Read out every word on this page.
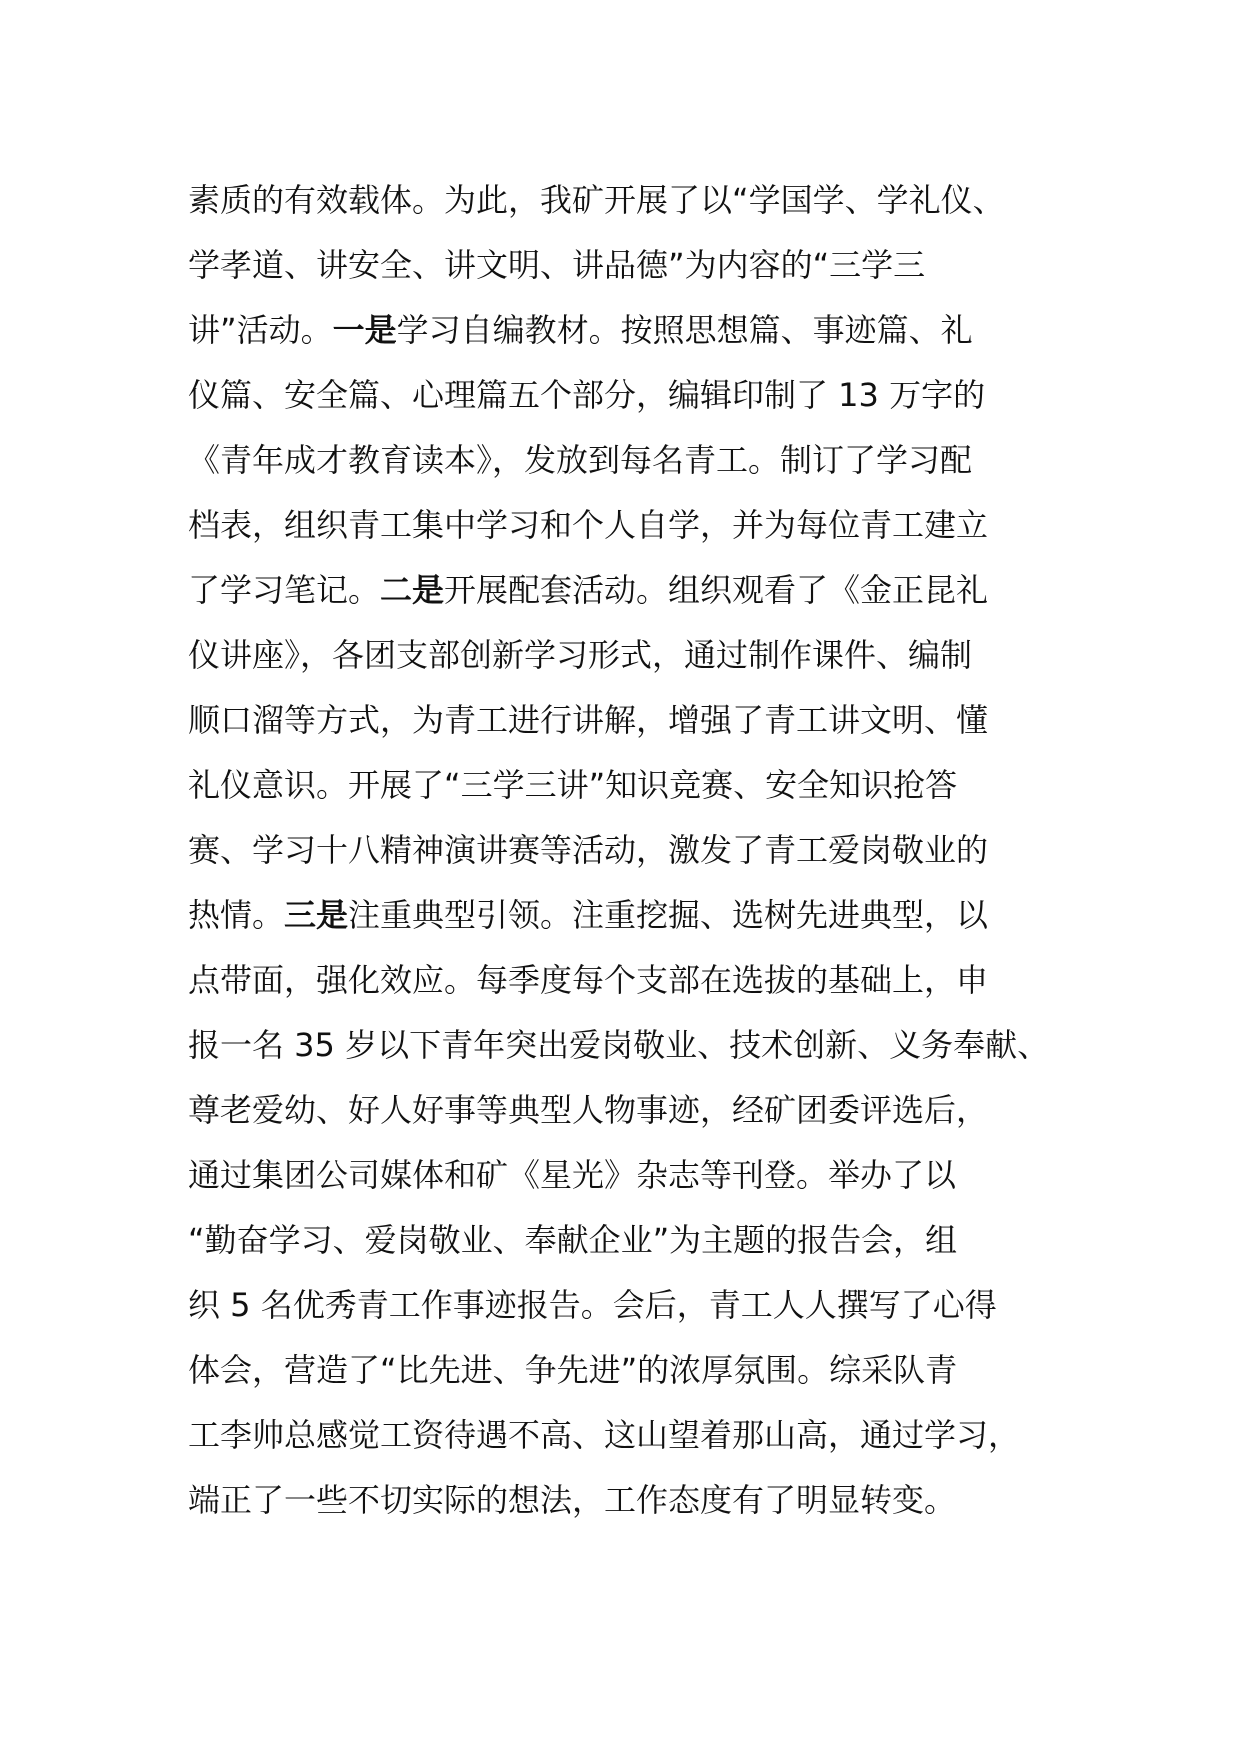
素质的有效载体。为此，我矿开展了以“学国学、学礼仪、
学孝道、讲安全、讲文明、讲品德”为内容的“三学三
讲”活动。一是学习自编教材。按照思想篇、事迹篇、礼
仪篇、安全篇、心理篇五个部分，编辑印制了 13 万字的
《青年成才教育读本》，发放到每名青工。制订了学习配
档表，组织青工集中学习和个人自学，并为每位青工建立
了学习笔记。二是开展配套活动。组织观看了《金正昆礼
仪讲座》，各团支部创新学习形式，通过制作课件、编制
顺口溜等方式，为青工进行讲解，增强了青工讲文明、懂
礼仪意识。开展了“三学三讲”知识竞赛、安全知识抢答
赛、学习十八精神演讲赛等活动，激发了青工爱岗敬业的
热情。三是注重典型引领。注重挖掘、选树先进典型，以
点带面，强化效应。每季度每个支部在选拔的基础上，申
报一名 35 岁以下青年突出爱岗敬业、技术创新、义务奉献、
尊老爱幼、好人好事等典型人物事迹，经矿团委评选后，
通过集团公司媒体和矿《星光》杂志等刊登。举办了以
“勤奋学习、爱岗敬业、奉献企业”为主题的报告会，组
织 5 名优秀青工作事迹报告。会后，青工人人撰写了心得
体会，营造了“比先进、争先进”的浓厚氛围。综采队青
工李帅总感觉工资待遇不高、这山望着那山高，通过学习，
端正了一些不切实际的想法，工作态度有了明显转变。
